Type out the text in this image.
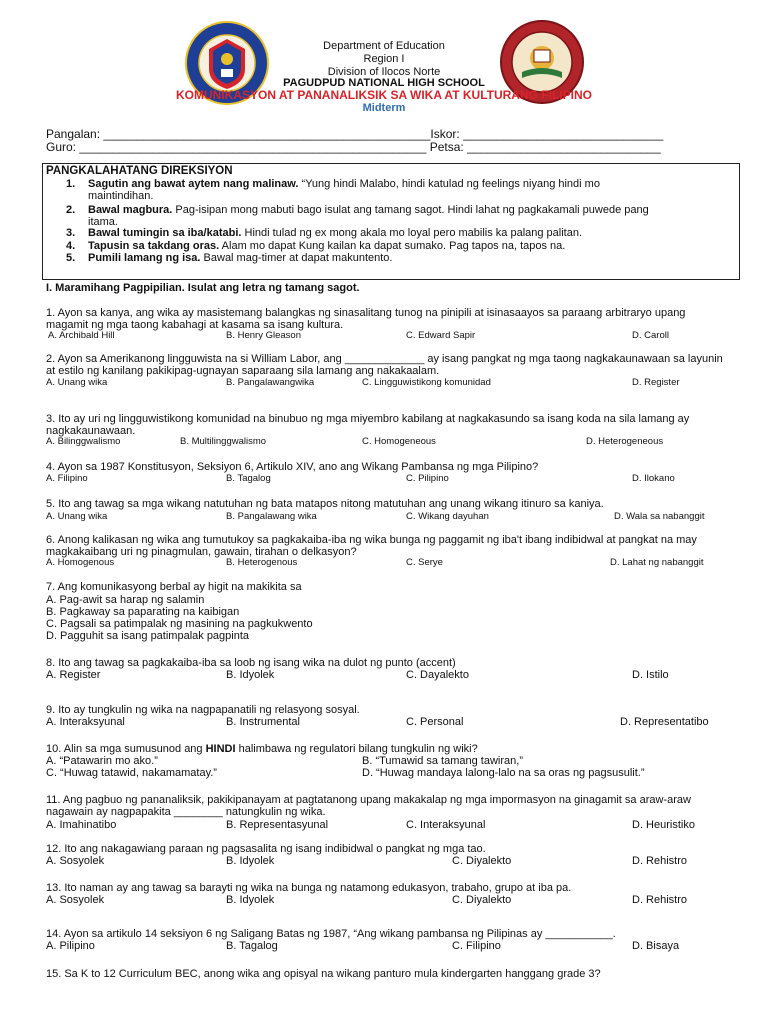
Department of Education
Region I
Division of Ilocos Norte
PAGUDPUD NATIONAL HIGH SCHOOL
KOMUNIKASYON AT PANANALIKSIK SA WIKA AT KULTURANG FILIPINO
Midterm
Pangalan: _________________________________________________Iskor: ______________________________
Guro: ____________________________________________________ Petsa: _____________________________
PANGKALAHATANG DIREKSIYON
1. Sagutin ang bawat aytem nang malinaw. “Yung hindi Malabo, hindi katulad ng feelings niyang hindi mo
maintindihan.
2. Bawal magbura. Pag-isipan mong mabuti bago isulat ang tamang sagot. Hindi lahat ng pagkakamali puwede pang
itama.
3. Bawal tumingin sa iba/katabi. Hindi tulad ng ex mong akala mo loyal pero mabilis ka palang palitan.
4. Tapusin sa takdang oras. Alam mo dapat Kung kailan ka dapat sumako. Pag tapos na, tapos na.
5. Pumili lamang ng isa. Bawal mag-timer at dapat makuntento.
I. Maramihang Pagpipilian. Isulat ang letra ng tamang sagot.
1. Ayon sa kanya, ang wika ay masistemang balangkas ng sinasalitang tunog na pinipili at isinasaayos sa paraang arbitraryo upang magamit ng mga taong kabahagi at kasama sa isang kultura.
A. Archibald Hill	B. Henry Gleason	C. Edward Sapir	D. Caroll
2. Ayon sa Amerikanong lingguwista na si William Labor, ang _____________ ay isang pangkat ng mga taong nagkakaunawaan sa layunin at estilo ng kanilang pakikipag-ugnayan saparaang sila lamang ang nakakaalam.
A. Unang wika	B. Pangalawangwika	C. Lingguwistikong komunidad	D. Register
3. Ito ay uri ng lingguwistikong komunidad na binubuo ng mga miyembro kabilang at nagkakasundo sa isang koda na sila lamang ay nagkakaunawaan.
A. Bilinggwalismo	B. Multilinggwalismo	C. Homogeneous	D. Heterogeneous
4. Ayon sa 1987 Konstitusyon, Seksiyon 6, Artikulo XIV, ano ang Wikang Pambansa ng mga Pilipino?
A. Filipino	B. Tagalog	C. Pilipino	D. Ilokano
5. Ito ang tawag sa mga wikang natutuhan ng bata matapos nitong matutuhan ang unang wikang itinuro sa kaniya.
A. Unang wika	B. Pangalawang wika	C. Wikang dayuhan	D. Wala sa nabanggit
6. Anong kalikasan ng wika ang tumutukoy sa pagkakaiba-iba ng wika bunga ng paggamit ng iba't ibang indibidwal at pangkat na may magkakaibang uri ng pinagmulan, gawain, tirahan o delkasyon?
A. Homogenous	B. Heterogenous	C. Serye	D. Lahat ng nabanggit
7. Ang komunikasyong berbal ay higit na makikita sa
A. Pag-awit sa harap ng salamin
B. Pagkaway sa paparating na kaibigan
C. Pagsali sa patimpalak ng masining na pagkukwento
D. Pagguhit sa isang patimpalak pagpinta
8. Ito ang tawag sa pagkakaiba-iba sa loob ng isang wika na dulot ng punto (accent)
A. Register	B. Idyolek	C. Dayalekto	D. Istilo
9. Ito ay tungkulin ng wika na nagpapanatili ng relasyong sosyal.
A. Interaksyunal	B. Instrumental	C. Personal	D. Representatibo
10. Alin sa mga sumusunod ang HINDI halimbawa ng regulatori bilang tungkulin ng wiki?
A. “Patawarin mo ako.”	B. “Tumawid sa tamang tawiran,”
C. “Huwag tatawid, nakamamatay.”	D. “Huwag mandaya lalong-lalo na sa oras ng pagsusulit.”
11. Ang pagbuo ng pananaliksik, pakikipanayam at pagtatanong upang makakalap ng mga impormasyon na ginagamit sa araw-araw nagawain ay nagpapakita ________ natungkulin ng wika.
A. Imahinatibo	B. Representasyunal	C. Interaksyunal	D. Heuristiko
12. Ito ang nakagawiang paraan ng pagsasalita ng isang indibidwal o pangkat ng mga tao.
A. Sosyolek	B. Idyolek	C. Diyalekto	D. Rehistro
13. Ito naman ay ang tawag sa barayti ng wika na bunga ng natamong edukasyon, trabaho, grupo at iba pa.
A. Sosyolek	B. Idyolek	C. Diyalekto	D. Rehistro
14. Ayon sa artikulo 14 seksiyon 6 ng Saligang Batas ng 1987, “Ang wikang pambansa ng Pilipinas ay ___________.
A. Pilipino	B. Tagalog	C. Filipino	D. Bisaya
15. Sa K to 12 Curriculum BEC, anong wika ang opisyal na wikang panturo mula kindergarten hanggang grade 3?
